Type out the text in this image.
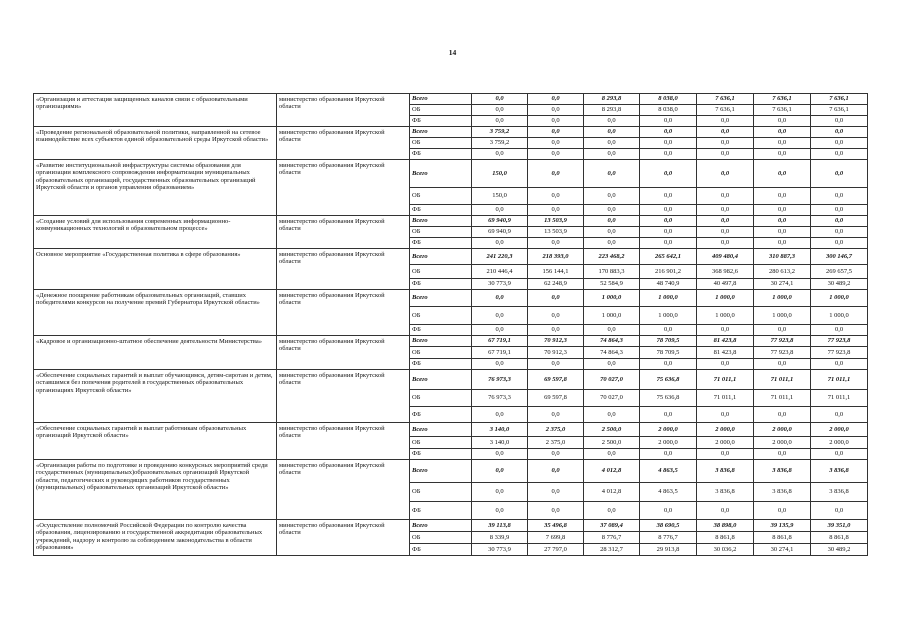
14
«Организация и аттестация защищенных каналов связи с образовательными организациями»	министерство образования Иркутской области	Всего	0,0	0,0	8 293,8	8 038,0	7 636,1	7 636,1	7 636,1
		ОБ	0,0	0,0	8 293,8	8 038,0	7 636,1	7 636,1	7 636,1
		ФБ	0,0	0,0	0,0	0,0	0,0	0,0	0,0
«Проведение региональной образовательной политики, направленной на сетевое взаимодействие всех субъектов единой образовательной среды Иркутской области»	министерство образования Иркутской области	Всего	3 759,2	0,0	0,0	0,0	0,0	0,0	0,0
		ОБ	3 759,2	0,0	0,0	0,0	0,0	0,0	0,0
		ФБ	0,0	0,0	0,0	0,0	0,0	0,0	0,0
«Развитие институциональной инфраструктуры системы образования для организации комплексного сопровождения информатизации муниципальных образовательных организаций, государственных образовательных организаций Иркутской области и органов управления образованием»	министерство образования Иркутской области	Всего	150,0	0,0	0,0	0,0	0,0	0,0	0,0
		ОБ	150,0	0,0	0,0	0,0	0,0	0,0	0,0
		ФБ	0,0	0,0	0,0	0,0	0,0	0,0	0,0
«Создание условий для использования современных информационно-коммуникационных технологий в образовательном процессе»	министерство образования Иркутской области	Всего	69 940,9	13 503,9	0,0	0,0	0,0	0,0	0,0
		ОБ	69 940,9	13 503,9	0,0	0,0	0,0	0,0	0,0
		ФБ	0,0	0,0	0,0	0,0	0,0	0,0	0,0
Основное мероприятие «Государственная политика в сфере образования»	министерство образования Иркутской области	Всего	241 220,3	218 393,0	223 468,2	265 642,1	409 480,4	310 887,3	300 146,7
		ОБ	210 446,4	156 144,1	170 883,3	216 901,2	368 982,6	280 613,2	269 657,5
		ФБ	30 773,9	62 248,9	52 584,9	48 740,9	40 497,8	30 274,1	30 489,2
«Денежное поощрение работникам образовательных организаций, ставших победителями конкурсов на получение премий Губернатора Иркутской области»	министерство образования Иркутской области	Всего	0,0	0,0	1 000,0	1 000,0	1 000,0	1 000,0	1 000,0
		ОБ	0,0	0,0	1 000,0	1 000,0	1 000,0	1 000,0	1 000,0
		ФБ	0,0	0,0	0,0	0,0	0,0	0,0	0,0
«Кадровое и организационно-штатное обеспечение деятельности Министерства»	министерство образования Иркутской области	Всего	67 719,1	70 912,3	74 864,3	78 709,5	81 423,8	77 923,8	77 923,8
		ОБ	67 719,1	70 912,3	74 864,3	78 709,5	81 423,8	77 923,8	77 923,8
		ФБ	0,0	0,0	0,0	0,0	0,0	0,0	0,0
«Обеспечение социальных гарантий и выплат обучающимся, детям-сиротам и детям, оставшимся без попечения родителей в государственных образовательных организациях Иркутской области»	министерство образования Иркутской области	Всего	76 973,3	69 597,8	70 027,0	75 636,8	71 011,1	71 011,1	71 011,1
		ОБ	76 973,3	69 597,8	70 027,0	75 636,8	71 011,1	71 011,1	71 011,1
		ФБ	0,0	0,0	0,0	0,0	0,0	0,0	0,0
«Обеспечение социальных гарантий и выплат работникам образовательных организаций Иркутской области»	министерство образования Иркутской области	Всего	3 140,0	2 375,0	2 500,0	2 000,0	2 000,0	2 000,0	2 000,0
		ОБ	3 140,0	2 375,0	2 500,0	2 000,0	2 000,0	2 000,0	2 000,0
		ФБ	0,0	0,0	0,0	0,0	0,0	0,0	0,0
«Организация работы по подготовке и проведению конкурсных мероприятий среди государственных (муниципальных)образовательных организаций Иркутской области, педагогических и руководящих работников государственных (муниципальных) образовательных организаций Иркутской области»	министерство образования Иркутской области	Всего	0,0	0,0	4 012,8	4 863,5	3 836,8	3 836,8	3 836,8
		ОБ	0,0	0,0	4 012,8	4 863,5	3 836,8	3 836,8	3 836,8
		ФБ	0,0	0,0	0,0	0,0	0,0	0,0	0,0
«Осуществление полномочий Российской Федерации по контролю качества образования, лицензированию и государственной аккредитации образовательных учреждений, надзору и контролю за соблюдением законодательства в области образования»	министерство образования Иркутской области	Всего	39 113,8	35 496,8	37 089,4	38 690,5	38 898,0	39 135,9	39 351,0
		ОБ	8 339,9	7 699,8	8 776,7	8 776,7	8 861,8	8 861,8	8 861,8
		ФБ	30 773,9	27 797,0	28 312,7	29 913,8	30 036,2	30 274,1	30 489,2
